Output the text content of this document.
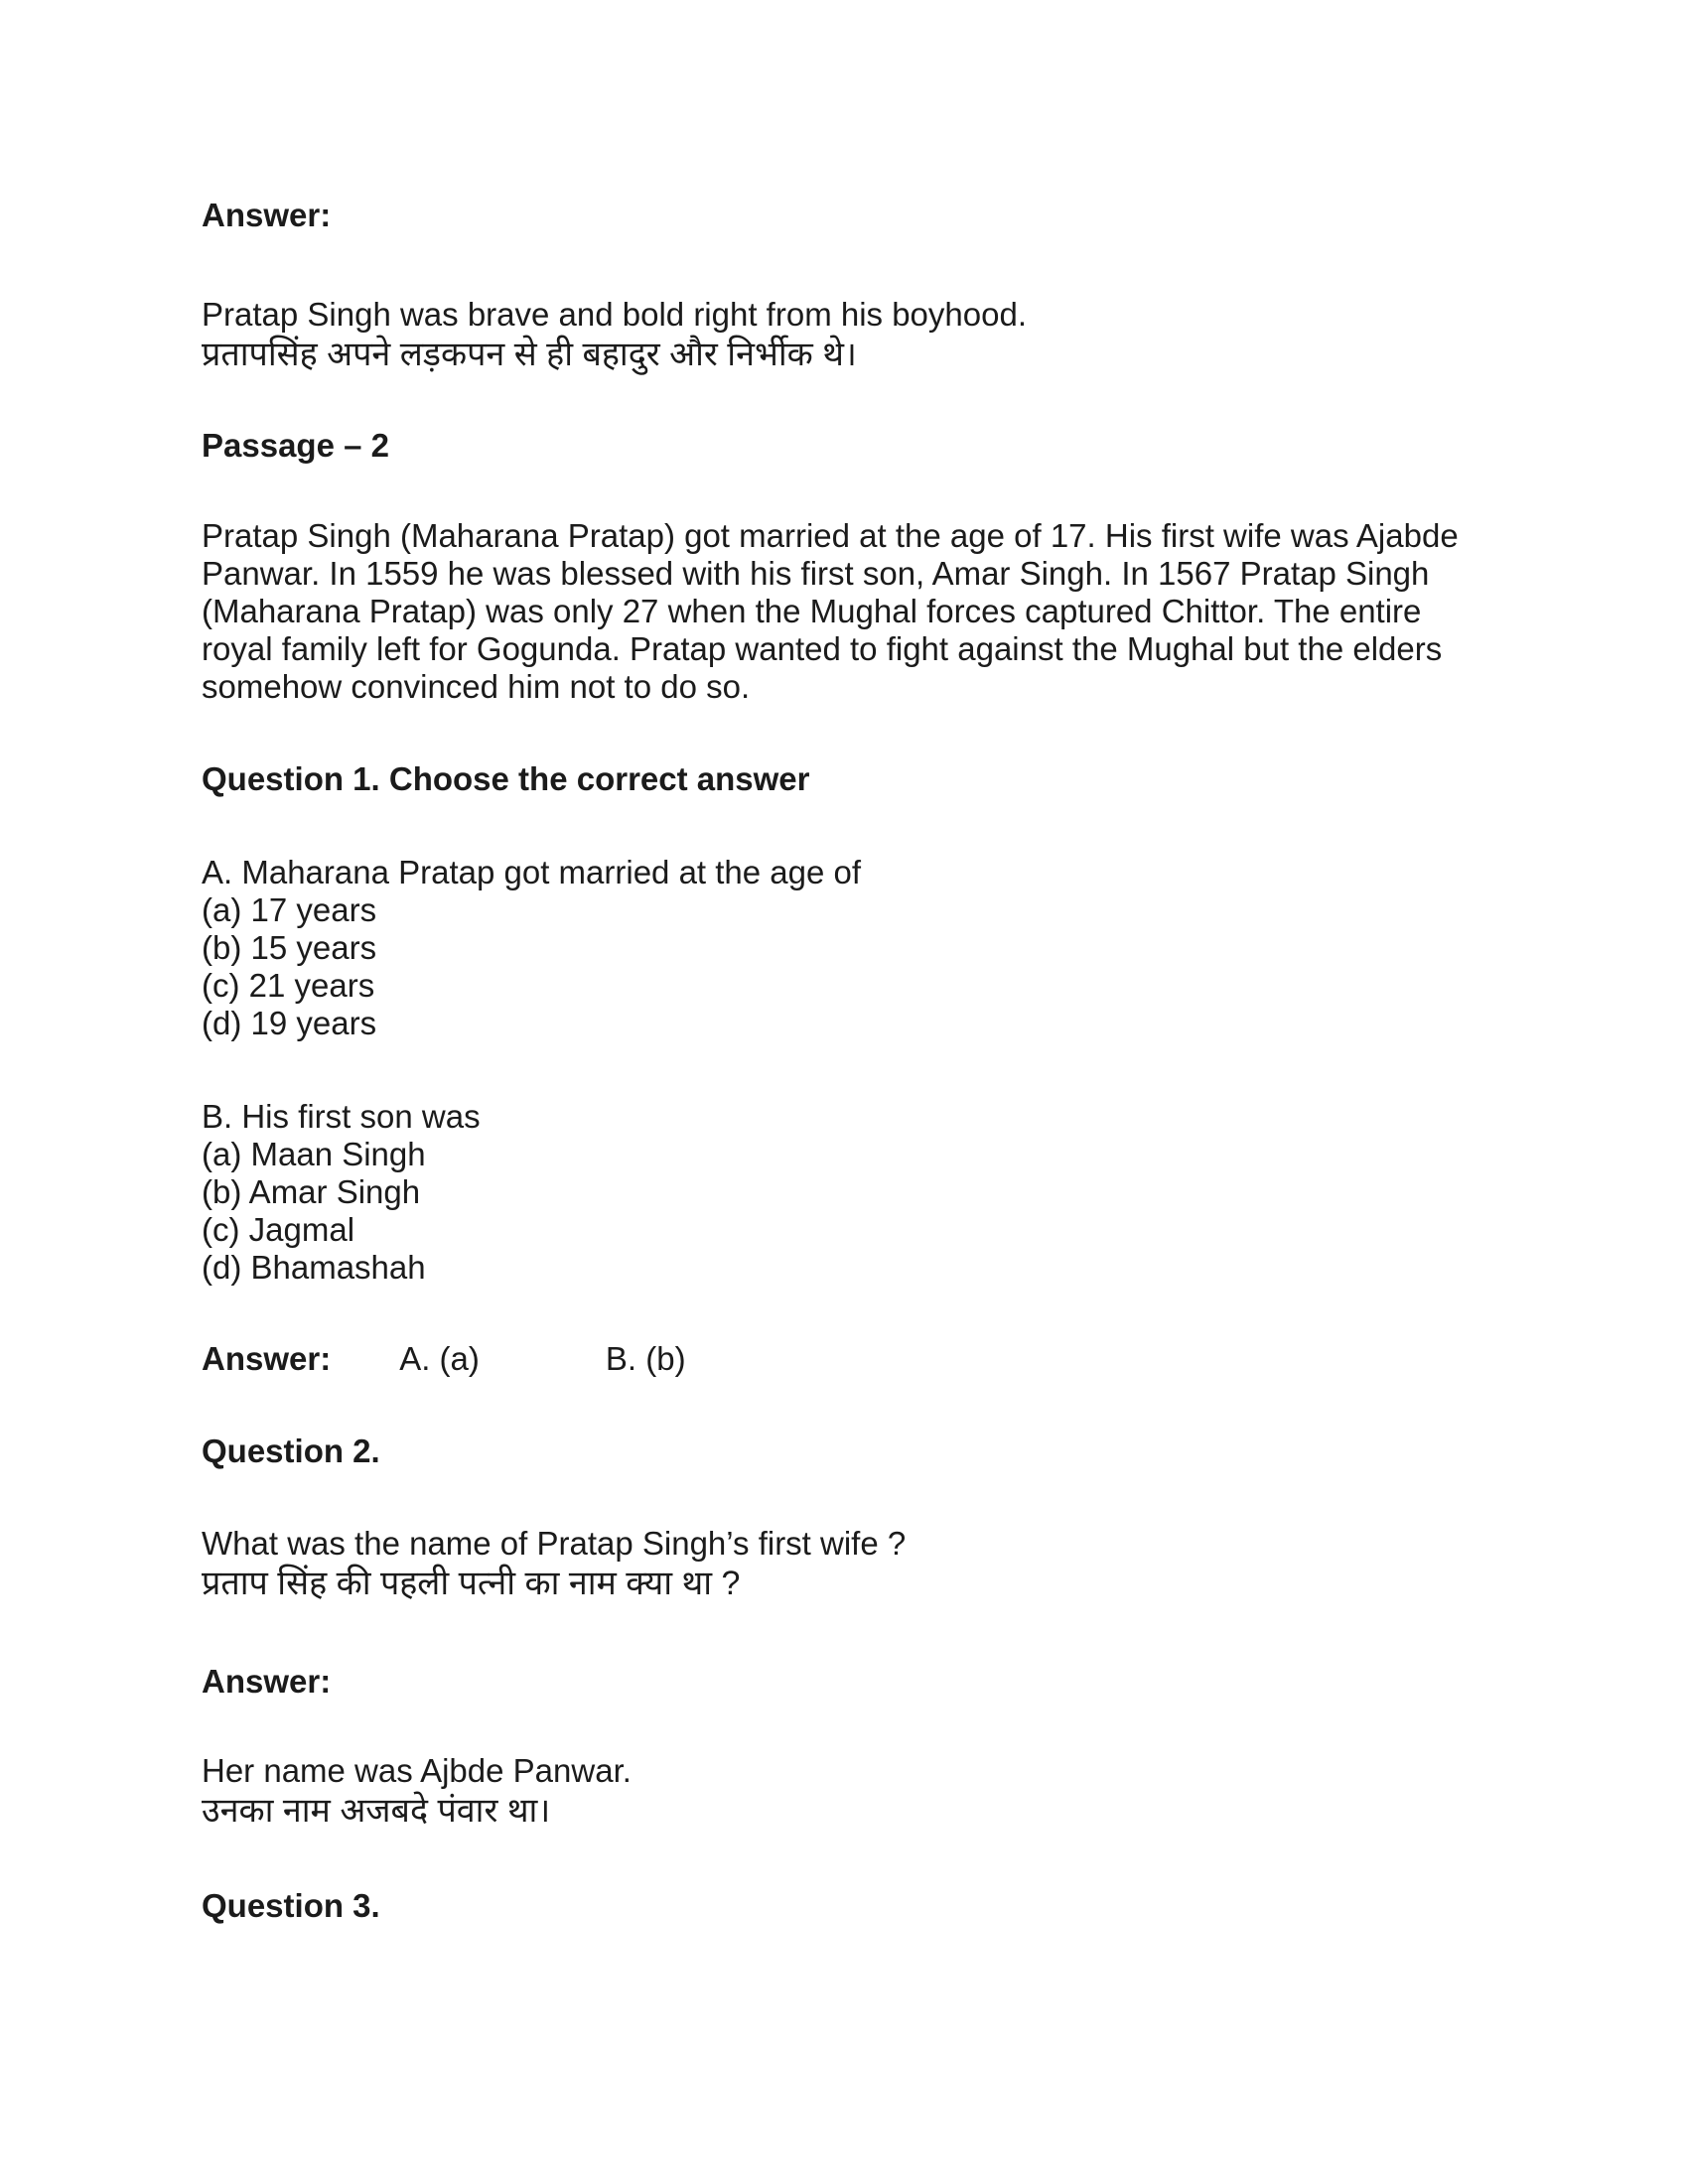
Answer:
Pratap Singh was brave and bold right from his boyhood.
प्रतापसिंह अपने लड़कपन से ही बहादुर और निर्भीक थे।
Passage – 2
Pratap Singh (Maharana Pratap) got married at the age of 17. His first wife was Ajabde
Panwar. In 1559 he was blessed with his first son, Amar Singh. In 1567 Pratap Singh
(Maharana Pratap) was only 27 when the Mughal forces captured Chittor. The entire
royal family left for Gogunda. Pratap wanted to fight against the Mughal but the elders
somehow convinced him not to do so.
Question 1. Choose the correct answer
A. Maharana Pratap got married at the age of
(a) 17 years
(b) 15 years
(c) 21 years
(d) 19 years
B. His first son was
(a) Maan Singh
(b) Amar Singh
(c) Jagmal
(d) Bhamashah
Answer: A. (a)	B. (b)
Question 2.
What was the name of Pratap Singh’s first wife ?
प्रताप सिंह की पहली पत्नी का नाम क्या था ?
Answer:
Her name was Ajbde Panwar.
उनका नाम अजबदे पंवार था।
Question 3.
